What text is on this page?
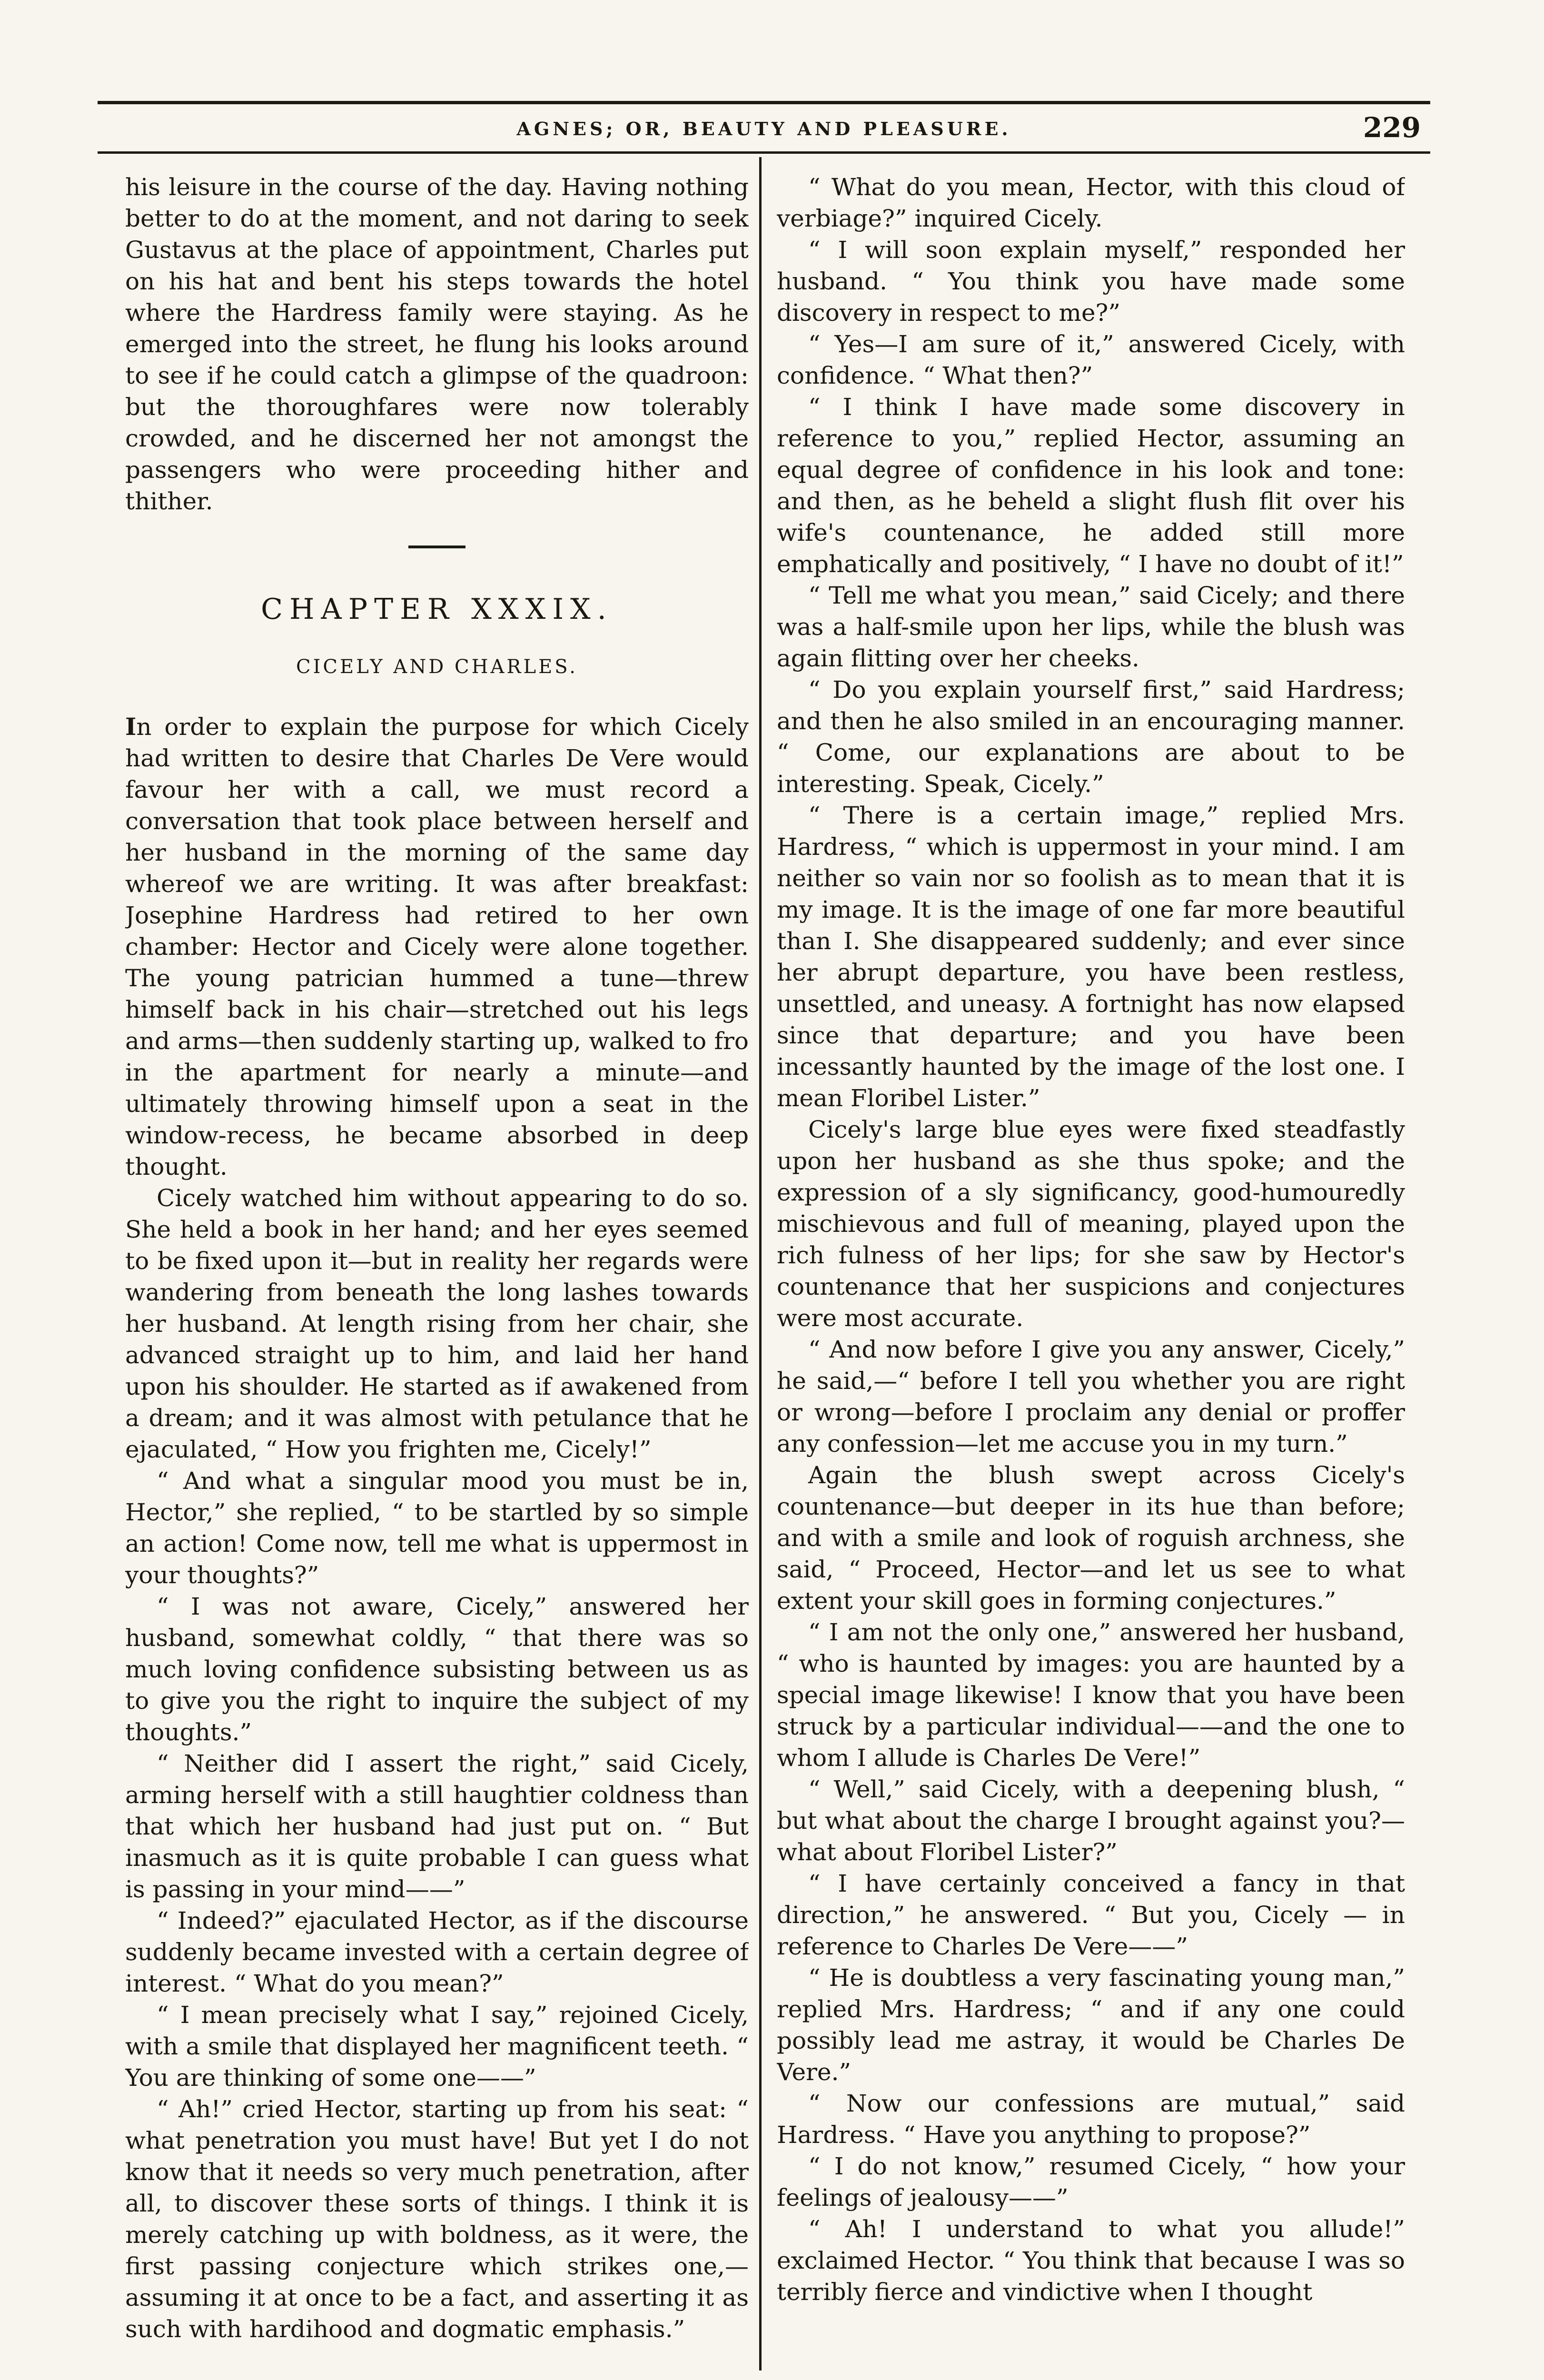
AGNES; OR, BEAUTY AND PLEASURE.	229

his leisure in the course of the day. Having nothing better to do at the moment, and not daring to seek Gustavus at the place of appointment, Charles put on his hat and bent his steps towards the hotel where the Hardress family were staying. As he emerged into the street, he flung his looks around to see if he could catch a glimpse of the quadroon: but the thoroughfares were now tolerably crowded, and he discerned her not amongst the passengers who were proceeding hither and thither.

CHAPTER XXXIX.
CICELY AND CHARLES.

In order to explain the purpose for which Cicely had written to desire that Charles De Vere would favour her with a call, we must record a conversation that took place between herself and her husband in the morning of the same day whereof we are writing. It was after breakfast: Josephine Hardress had retired to her own chamber: Hector and Cicely were alone together. The young patrician hummed a tune—threw himself back in his chair—stretched out his legs and arms—then suddenly starting up, walked to fro in the apartment for nearly a minute—and ultimately throwing himself upon a seat in the window-recess, he became absorbed in deep thought.

Cicely watched him without appearing to do so. She held a book in her hand; and her eyes seemed to be fixed upon it—but in reality her regards were wandering from beneath the long lashes towards her husband. At length rising from her chair, she advanced straight up to him, and laid her hand upon his shoulder. He started as if awakened from a dream; and it was almost with petulance that he ejaculated, “ How you frighten me, Cicely!”

“ And what a singular mood you must be in, Hector,” she replied, “ to be startled by so simple an action! Come now, tell me what is uppermost in your thoughts?”

“ I was not aware, Cicely,” answered her husband, somewhat coldly, “ that there was so much loving confidence subsisting between us as to give you the right to inquire the subject of my thoughts.”

“ Neither did I assert the right,” said Cicely, arming herself with a still haughtier coldness than that which her husband had just put on. “ But inasmuch as it is quite probable I can guess what is passing in your mind——”

“ Indeed?” ejaculated Hector, as if the discourse suddenly became invested with a certain degree of interest. “ What do you mean?”

“ I mean precisely what I say,” rejoined Cicely, with a smile that displayed her magnificent teeth. “ You are thinking of some one——”

“ Ah!” cried Hector, starting up from his seat: “ what penetration you must have! But yet I do not know that it needs so very much penetration, after all, to discover these sorts of things. I think it is merely catching up with boldness, as it were, the first passing conjecture which strikes one,—assuming it at once to be a fact, and asserting it as such with hardihood and dogmatic emphasis.”

“ What do you mean, Hector, with this cloud of verbiage?” inquired Cicely.

“ I will soon explain myself,” responded her husband. “ You think you have made some discovery in respect to me?”

“ Yes—I am sure of it,” answered Cicely, with confidence. “ What then?”

“ I think I have made some discovery in reference to you,” replied Hector, assuming an equal degree of confidence in his look and tone: and then, as he beheld a slight flush flit over his wife's countenance, he added still more emphatically and positively, “ I have no doubt of it!”

“ Tell me what you mean,” said Cicely; and there was a half-smile upon her lips, while the blush was again flitting over her cheeks.

“ Do you explain yourself first,” said Hardress; and then he also smiled in an encouraging manner. “ Come, our explanations are about to be interesting. Speak, Cicely.”

“ There is a certain image,” replied Mrs. Hardress, “ which is uppermost in your mind. I am neither so vain nor so foolish as to mean that it is my image. It is the image of one far more beautiful than I. She disappeared suddenly; and ever since her abrupt departure, you have been restless, unsettled, and uneasy. A fortnight has now elapsed since that departure; and you have been incessantly haunted by the image of the lost one. I mean Floribel Lister.”

Cicely's large blue eyes were fixed steadfastly upon her husband as she thus spoke; and the expression of a sly significancy, good-humouredly mischievous and full of meaning, played upon the rich fulness of her lips; for she saw by Hector's countenance that her suspicions and conjectures were most accurate.

“ And now before I give you any answer, Cicely,” he said,—“ before I tell you whether you are right or wrong—before I proclaim any denial or proffer any confession—let me accuse you in my turn.”

Again the blush swept across Cicely's countenance—but deeper in its hue than before; and with a smile and look of roguish archness, she said, “ Proceed, Hector—and let us see to what extent your skill goes in forming conjectures.”

“ I am not the only one,” answered her husband, “ who is haunted by images: you are haunted by a special image likewise! I know that you have been struck by a particular individual——and the one to whom I allude is Charles De Vere!”

“ Well,” said Cicely, with a deepening blush, “ but what about the charge I brought against you?—what about Floribel Lister?”

“ I have certainly conceived a fancy in that direction,” he answered. “ But you, Cicely — in reference to Charles De Vere——”

“ He is doubtless a very fascinating young man,” replied Mrs. Hardress; “ and if any one could possibly lead me astray, it would be Charles De Vere.”

“ Now our confessions are mutual,” said Hardress. “ Have you anything to propose?”

“ I do not know,” resumed Cicely, “ how your feelings of jealousy——”

“ Ah! I understand to what you allude!” exclaimed Hector. “ You think that because I was so terribly fierce and vindictive when I thought
